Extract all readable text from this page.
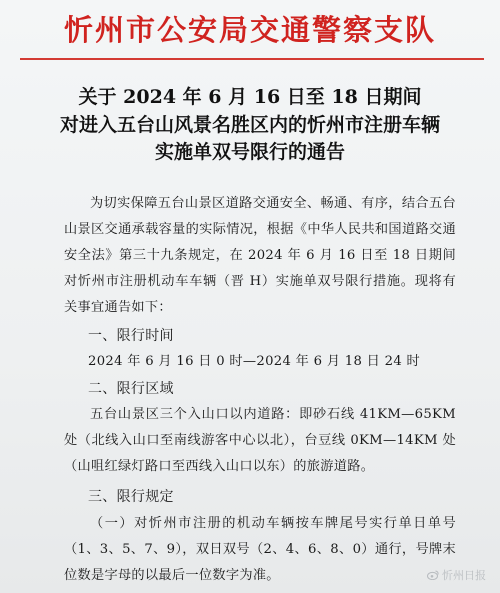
忻州市公安局交通警察支队
关于 2024 年 6 月 16 日至 18 日期间
对进入五台山风景名胜区内的忻州市注册车辆
实施单双号限行的通告
为切实保障五台山景区道路交通安全、畅通、有序，结合五台山景区交通承载容量的实际情况，根据《中华人民共和国道路交通安全法》第三十九条规定，在 2024 年 6 月 16 日至 18 日期间对忻州市注册机动车车辆（晋 H）实施单双号限行措施。现将有关事宜通告如下：
一、限行时间
2024 年 6 月 16 日 0 时—2024 年 6 月 18 日 24 时
二、限行区域
五台山景区三个入山口以内道路：即砂石线 41KM—65KM 处（北线入山口至南线游客中心以北），台豆线 0KM—14KM 处（山咀红绿灯路口至西线入山口以东）的旅游道路。
三、限行规定
（一）对忻州市注册的机动车辆按车牌尾号实行单日单号（1、3、5、7、9），双日双号（2、4、6、8、0）通行，号牌末位数是字母的以最后一位数字为准。	忻州日报
